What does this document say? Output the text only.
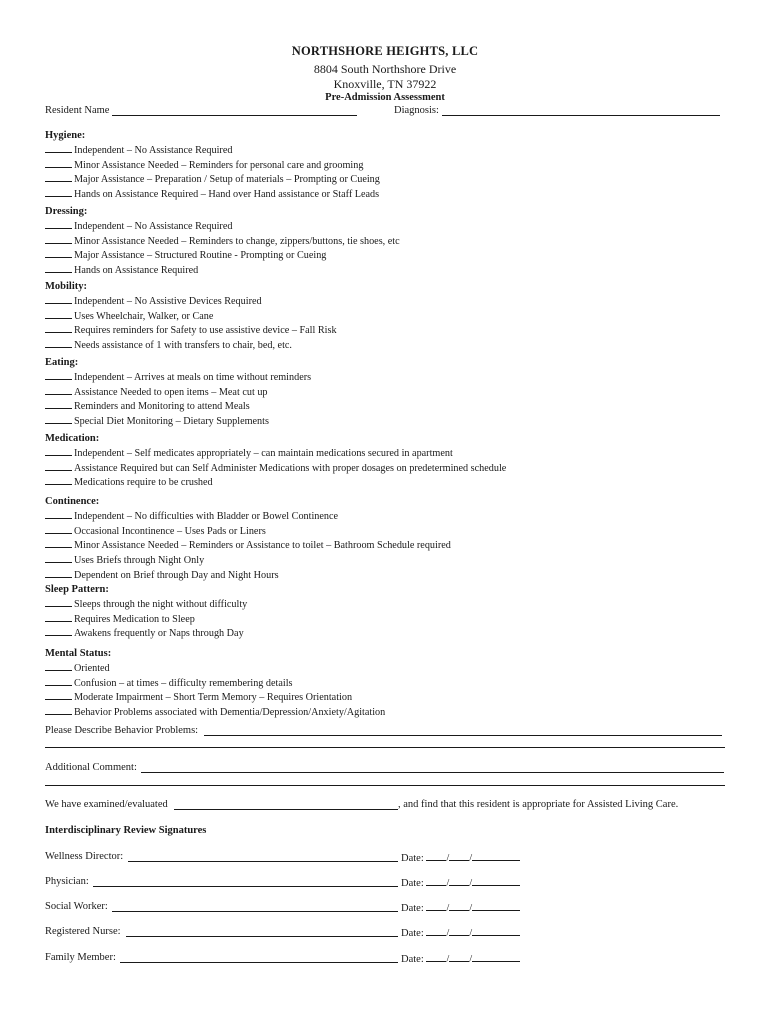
NORTHSHORE HEIGHTS, LLC
8804 South Northshore Drive
Knoxville, TN 37922
Pre-Admission Assessment
Resident Name	Diagnosis:
Hygiene:
Independent – No Assistance Required
Minor Assistance Needed – Reminders for personal care and grooming
Major Assistance – Preparation / Setup of materials – Prompting or Cueing
Hands on Assistance Required – Hand over Hand assistance or Staff Leads
Dressing:
Independent – No Assistance Required
Minor Assistance Needed – Reminders to change, zippers/buttons, tie shoes, etc
Major Assistance – Structured Routine - Prompting or Cueing
Hands on Assistance Required
Mobility:
Independent – No Assistive Devices Required
Uses Wheelchair, Walker, or Cane
Requires reminders for Safety to use assistive device – Fall Risk
Needs assistance of 1 with transfers to chair, bed, etc.
Eating:
Independent – Arrives at meals on time without reminders
Assistance Needed to open items – Meat cut up
Reminders and Monitoring to attend Meals
Special Diet Monitoring – Dietary Supplements
Medication:
Independent – Self medicates appropriately – can maintain medications secured in apartment
Assistance Required but can Self Administer Medications with proper dosages on predetermined schedule
Medications require to be crushed
Continence:
Independent – No difficulties with Bladder or Bowel Continence
Occasional Incontinence – Uses Pads or Liners
Minor Assistance Needed – Reminders or Assistance to toilet – Bathroom Schedule required
Uses Briefs through Night Only
Dependent on Brief through Day and Night Hours
Sleep Pattern:
Sleeps through the night without difficulty
Requires Medication to Sleep
Awakens frequently or Naps through Day
Mental Status:
Oriented
Confusion – at times – difficulty remembering details
Moderate Impairment – Short Term Memory – Requires Orientation
Behavior Problems associated with Dementia/Depression/Anxiety/Agitation
Please Describe Behavior Problems:
Additional Comment:
We have examined/evaluated	, and find that this resident is appropriate for Assisted Living Care.
Interdisciplinary Review Signatures
Wellness Director:	Date: / /
Physician:	Date: / /
Social Worker:	Date: / /
Registered Nurse:	Date: / /
Family Member:	Date: / /
